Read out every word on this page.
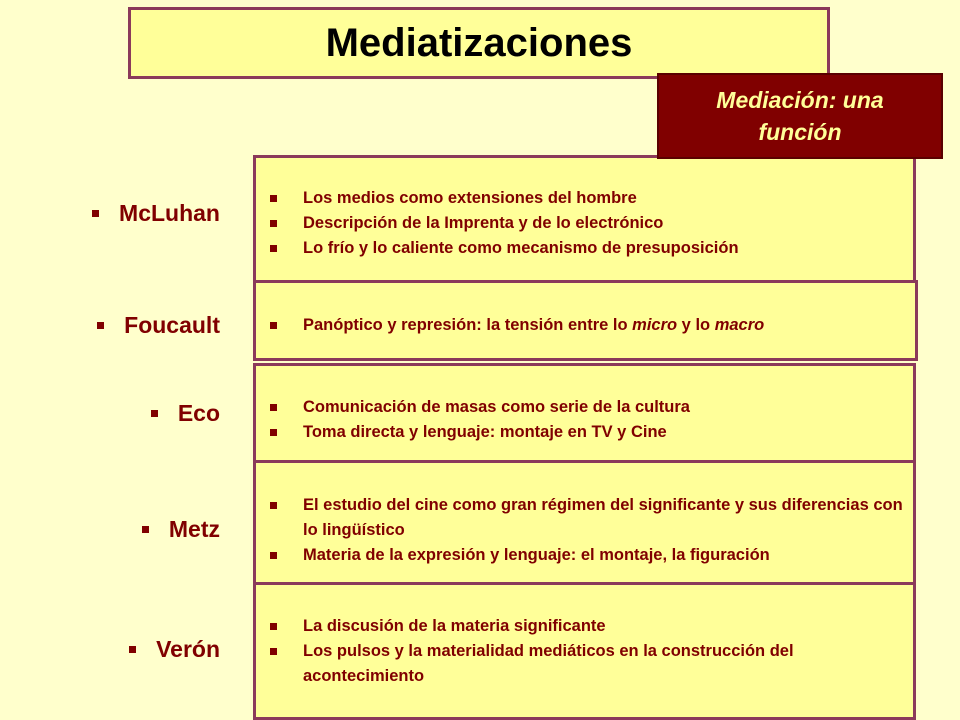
Mediatizaciones
McLuhan
Foucault
Eco
Metz
Verón
Los medios como extensiones del hombre
Descripción de la Imprenta y de lo electrónico
Lo frío y lo caliente como mecanismo de presuposición
Panóptico y represión: la tensión entre lo micro y lo macro
Comunicación de masas como serie de la cultura
Toma directa y lenguaje: montaje en TV y Cine
El estudio del cine como gran régimen del significante y sus diferencias con lo lingüístico
Materia de la expresión y lenguaje: el montaje, la figuración
La discusión de la materia significante
Los pulsos y la materialidad mediáticos en la construcción del acontecimiento
Mediación: una
función
